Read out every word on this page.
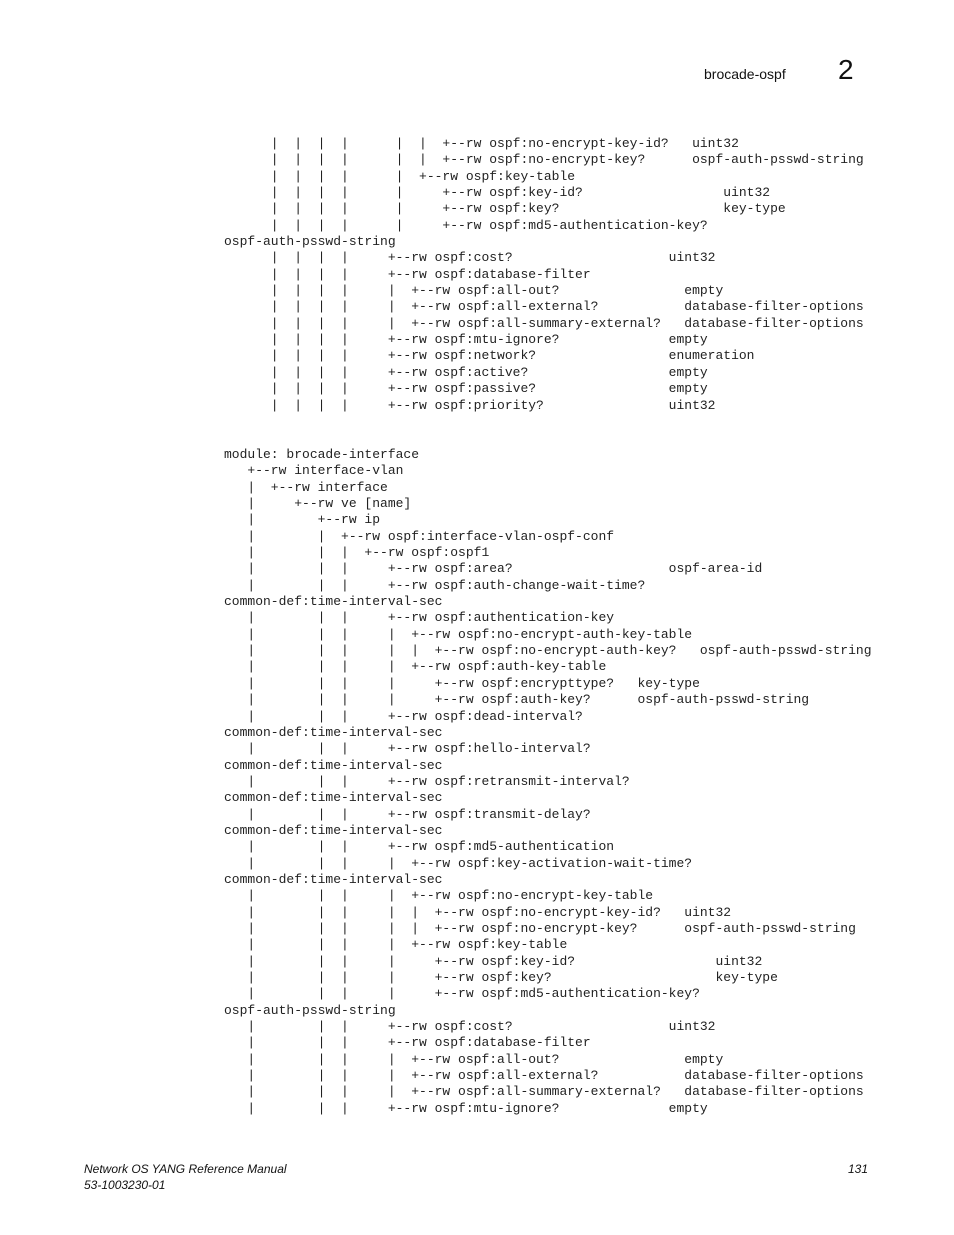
brocade-ospf 2
|  |  |  |      |  |  +--rw ospf:no-encrypt-key-id?   uint32
|  |  |  |      |  |  +--rw ospf:no-encrypt-key?      ospf-auth-psswd-string
|  |  |  |      |  +--rw ospf:key-table
|  |  |  |      |     +--rw ospf:key-id?                  uint32
|  |  |  |      |     +--rw ospf:key?                     key-type
|  |  |  |      |     +--rw ospf:md5-authentication-key?
ospf-auth-psswd-string
|  |  |  |     +--rw ospf:cost?                    uint32
|  |  |  |     +--rw ospf:database-filter
|  |  |  |     |  +--rw ospf:all-out?                empty
|  |  |  |     |  +--rw ospf:all-external?           database-filter-options
|  |  |  |     |  +--rw ospf:all-summary-external?   database-filter-options
|  |  |  |     +--rw ospf:mtu-ignore?              empty
|  |  |  |     +--rw ospf:network?                 enumeration
|  |  |  |     +--rw ospf:active?                  empty
|  |  |  |     +--rw ospf:passive?                 empty
|  |  |  |     +--rw ospf:priority?                uint32

module: brocade-interface
+--rw interface-vlan
|  +--rw interface
|     +--rw ve [name]
|        +--rw ip
|        |  +--rw ospf:interface-vlan-ospf-conf
|        |  |  +--rw ospf:ospf1
|        |  |     +--rw ospf:area?                    ospf-area-id
|        |  |     +--rw ospf:auth-change-wait-time?
common-def:time-interval-sec
|        |  |     +--rw ospf:authentication-key
|        |  |     |  +--rw ospf:no-encrypt-auth-key-table
|        |  |     |  |  +--rw ospf:no-encrypt-auth-key?   ospf-auth-psswd-string
|        |  |     |  +--rw ospf:auth-key-table
|        |  |     |     +--rw ospf:encrypttype?   key-type
|        |  |     |     +--rw ospf:auth-key?      ospf-auth-psswd-string
|        |  |     +--rw ospf:dead-interval?
common-def:time-interval-sec
|        |  |     +--rw ospf:hello-interval?
common-def:time-interval-sec
|        |  |     +--rw ospf:retransmit-interval?
common-def:time-interval-sec
|        |  |     +--rw ospf:transmit-delay?
common-def:time-interval-sec
|        |  |     +--rw ospf:md5-authentication
|        |  |     |  +--rw ospf:key-activation-wait-time?
common-def:time-interval-sec
|        |  |     |  +--rw ospf:no-encrypt-key-table
|        |  |     |  |  +--rw ospf:no-encrypt-key-id?   uint32
|        |  |     |  |  +--rw ospf:no-encrypt-key?      ospf-auth-psswd-string
|        |  |     |  +--rw ospf:key-table
|        |  |     |     +--rw ospf:key-id?                  uint32
|        |  |     |     +--rw ospf:key?                     key-type
|        |  |     |     +--rw ospf:md5-authentication-key?
ospf-auth-psswd-string
|        |  |     +--rw ospf:cost?                    uint32
|        |  |     +--rw ospf:database-filter
|        |  |     |  +--rw ospf:all-out?                empty
|        |  |     |  +--rw ospf:all-external?           database-filter-options
|        |  |     |  +--rw ospf:all-summary-external?   database-filter-options
|        |  |     +--rw ospf:mtu-ignore?              empty

Network OS YANG Reference Manual
53-1003230-01
131
